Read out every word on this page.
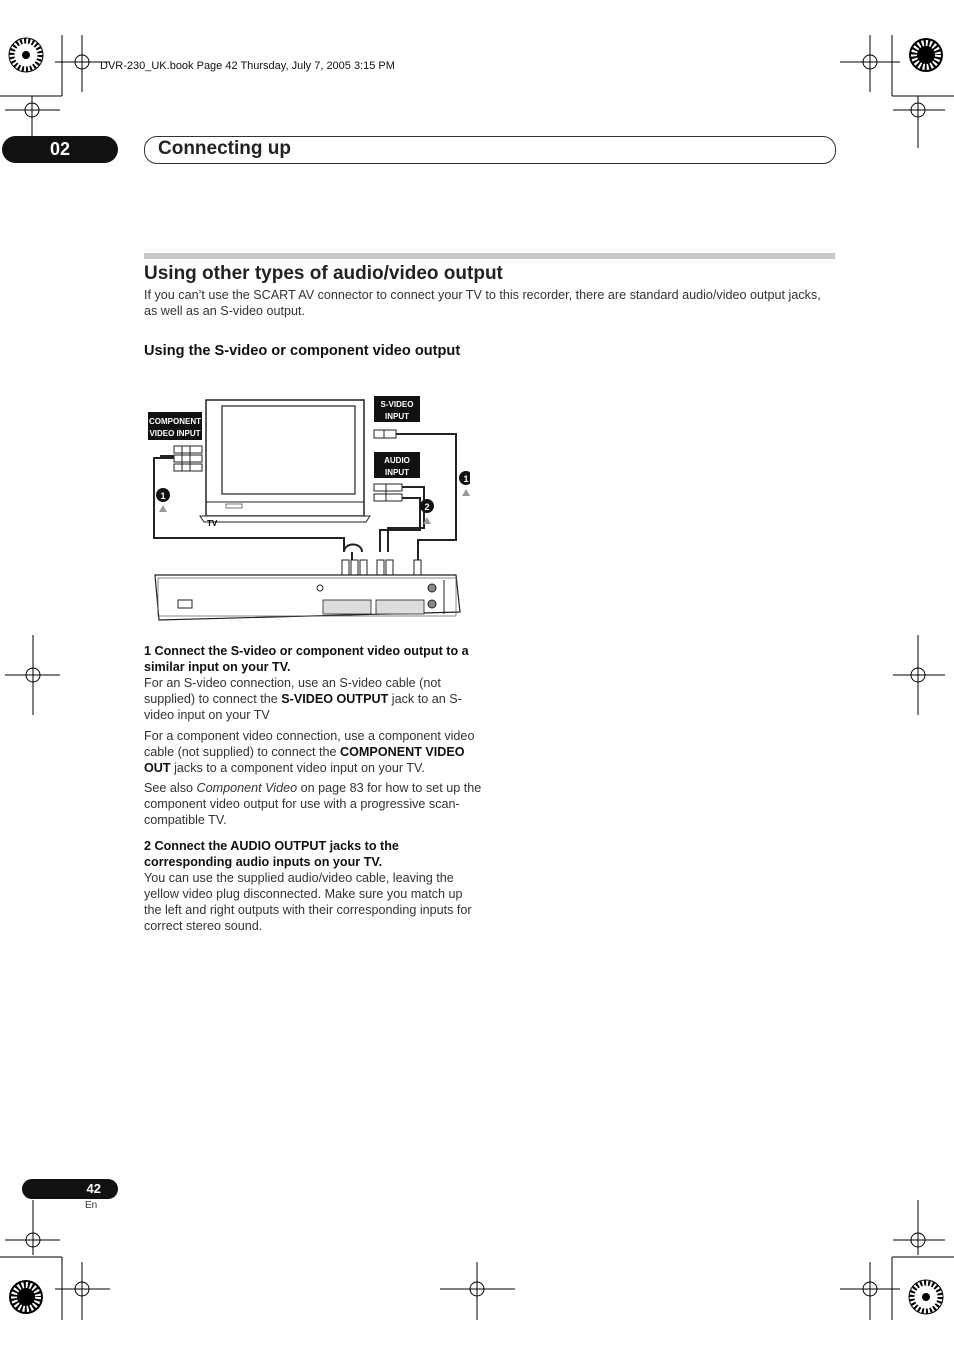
DVR-230_UK.book Page 42 Thursday, July 7, 2005 3:15 PM
02	Connecting up
Using other types of audio/video output
If you can’t use the SCART AV connector to connect your TV to this recorder, there are standard audio/video output jacks, as well as an S-video output.
Using the S-video or component video output
TV
COMPONENT
VIDEO INPUT
S-VIDEO
INPUT
AUDIO
INPUT
1
1
2
1 Connect the S-video or component video output to a similar input on your TV.
For an S-video connection, use an S-video cable (not supplied) to connect the S-VIDEO OUTPUT jack to an S-video input on your TV
For a component video connection, use a component video cable (not supplied) to connect the COMPONENT VIDEO OUT jacks to a component video input on your TV.
See also Component Video on page 83 for how to set up the component video output for use with a progressive scan-compatible TV.
2 Connect the AUDIO OUTPUT jacks to the corresponding audio inputs on your TV.
You can use the supplied audio/video cable, leaving the yellow video plug disconnected. Make sure you match up the left and right outputs with their corresponding inputs for correct stereo sound.
42
En
